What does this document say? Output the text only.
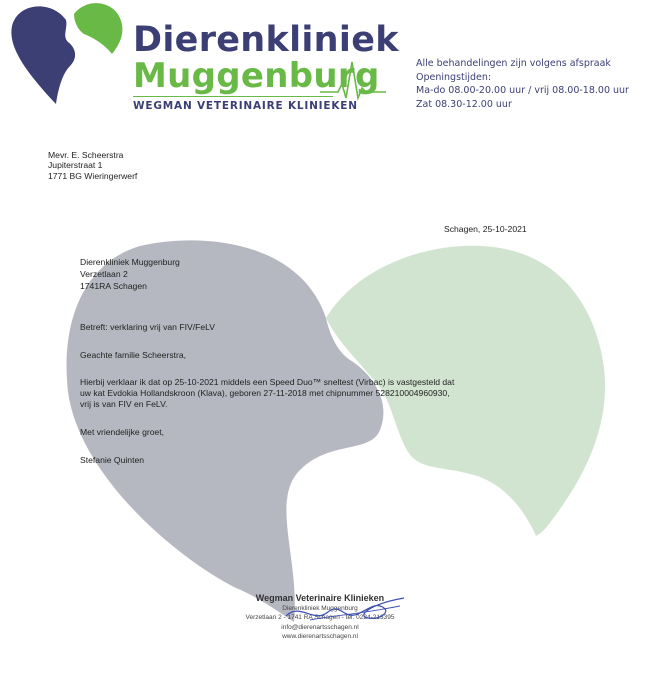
Dierenkliniek
Muggenburg
WEGMAN VETERINAIRE KLINIEKEN
Alle behandelingen zijn volgens afspraak
Openingstijden:
Ma-do 08.00-20.00 uur / vrij 08.00-18.00 uur
Zat 08.30-12.00 uur
Mevr. E. Scheerstra
Jupiterstraat 1
1771 BG Wieringerwerf
Schagen, 25-10-2021
Dierenkliniek Muggenburg
Verzetlaan 2
1741RA Schagen
Betreft: verklaring vrij van FIV/FeLV
Geachte familie Scheerstra,
Hierbij verklaar ik dat op 25-10-2021 middels een Speed Duo™ sneltest (Virbac) is vastgesteld dat
uw kat Evdokia Hollandskroon (Klava), geboren 27-11-2018 met chipnummer 528210004960930,
vrij is van FIV en FeLV.
Met vriendelijke groet,
Stefanie Quinten
Wegman Veterinaire Klinieken
Dierenkliniek Muggenburg
Verzetlaan 2 - 1741 RA Schagen - tel. 0224-213395
info@dierenartsschagen.nl
www.dierenartsschagen.nl
